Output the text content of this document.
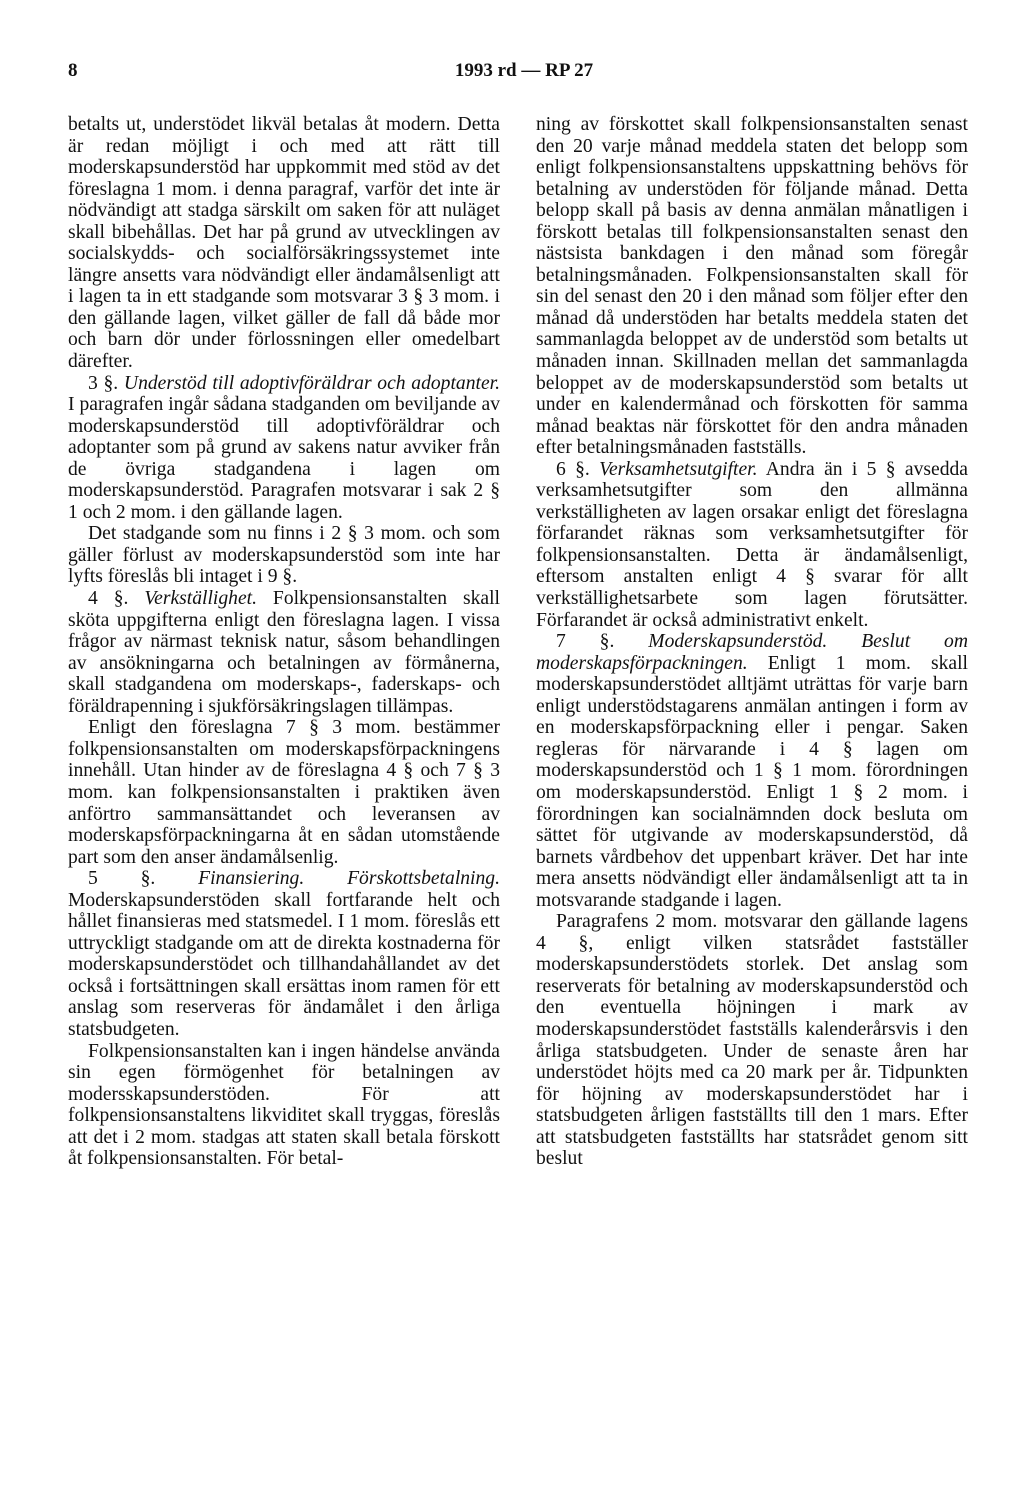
8	1993 rd — RP 27

betalts ut, understödet likväl betalas åt modern. Detta är redan möjligt i och med att rätt till moderskapsunderstöd har uppkommit med stöd av det föreslagna 1 mom. i denna paragraf, varför det inte är nödvändigt att stadga särskilt om saken för att nuläget skall bibehållas. Det har på grund av utvecklingen av socialskydds- och socialförsäkringssystemet inte längre ansetts vara nödvändigt eller ändamålsenligt att i lagen ta in ett stadgande som motsvarar 3 § 3 mom. i den gällande lagen, vilket gäller de fall då både mor och barn dör under förlossningen eller omedelbart därefter.

3 §. Understöd till adoptivföräldrar och adoptanter. I paragrafen ingår sådana stadganden om beviljande av moderskapsunderstöd till adoptivföräldrar och adoptanter som på grund av sakens natur avviker från de övriga stadgandena i lagen om moderskapsunderstöd. Paragrafen motsvarar i sak 2 § 1 och 2 mom. i den gällande lagen.

Det stadgande som nu finns i 2 § 3 mom. och som gäller förlust av moderskapsunderstöd som inte har lyfts föreslås bli intaget i 9 §.

4 §. Verkställighet. Folkpensionsanstalten skall sköta uppgifterna enligt den föreslagna lagen. I vissa frågor av närmast teknisk natur, såsom behandlingen av ansökningarna och betalningen av förmånerna, skall stadgandena om moderskaps-, faderskaps- och föräldrapenning i sjukförsäkringslagen tillämpas.

Enligt den föreslagna 7 § 3 mom. bestämmer folkpensionsanstalten om moderskapsförpackningens innehåll. Utan hinder av de föreslagna 4 § och 7 § 3 mom. kan folkpensionsanstalten i praktiken även anförtro sammansättandet och leveransen av moderskapsförpackningarna åt en sådan utomstående part som den anser ändamålsenlig.

5 §. Finansiering. Förskottsbetalning. Moderskapsunderstöden skall fortfarande helt och hållet finansieras med statsmedel. I 1 mom. föreslås ett uttryckligt stadgande om att de direkta kostnaderna för moderskapsunderstödet och tillhandahållandet av det också i fortsättningen skall ersättas inom ramen för ett anslag som reserveras för ändamålet i den årliga statsbudgeten.

Folkpensionsanstalten kan i ingen händelse använda sin egen förmögenhet för betalningen av modersskapsunderstöden. För att folkpensionsanstaltens likviditet skall tryggas, föreslås att det i 2 mom. stadgas att staten skall betala förskott åt folkpensionsanstalten. För betal-

ning av förskottet skall folkpensionsanstalten senast den 20 varje månad meddela staten det belopp som enligt folkpensionsanstaltens uppskattning behövs för betalning av understöden för följande månad. Detta belopp skall på basis av denna anmälan månatligen i förskott betalas till folkpensionsanstalten senast den nästsista bankdagen i den månad som föregår betalningsmånaden. Folkpensionsanstalten skall för sin del senast den 20 i den månad som följer efter den månad då understöden har betalts meddela staten det sammanlagda beloppet av de understöd som betalts ut månaden innan. Skillnaden mellan det sammanlagda beloppet av de moderskapsunderstöd som betalts ut under en kalendermånad och förskotten för samma månad beaktas när förskottet för den andra månaden efter betalningsmånaden fastställs.

6 §. Verksamhetsutgifter. Andra än i 5 § avsedda verksamhetsutgifter som den allmänna verkställigheten av lagen orsakar enligt det föreslagna förfarandet räknas som verksamhetsutgifter för folkpensionsanstalten. Detta är ändamålsenligt, eftersom anstalten enligt 4 § svarar för allt verkställighetsarbete som lagen förutsätter. Förfarandet är också administrativt enkelt.

7 §. Moderskapsunderstöd. Beslut om moderskapsförpackningen. Enligt 1 mom. skall moderskapsunderstödet alltjämt uträttas för varje barn enligt understödstagarens anmälan antingen i form av en moderskapsförpackning eller i pengar. Saken regleras för närvarande i 4 § lagen om moderskapsunderstöd och 1 § 1 mom. förordningen om moderskapsunderstöd. Enligt 1 § 2 mom. i förordningen kan socialnämnden dock besluta om sättet för utgivande av moderskapsunderstöd, då barnets vårdbehov det uppenbart kräver. Det har inte mera ansetts nödvändigt eller ändamålsenligt att ta in motsvarande stadgande i lagen.

Paragrafens 2 mom. motsvarar den gällande lagens 4 §, enligt vilken statsrådet fastställer moderskapsunderstödets storlek. Det anslag som reserverats för betalning av moderskapsunderstöd och den eventuella höjningen i mark av moderskapsunderstödet fastställs kalenderårsvis i den årliga statsbudgeten. Under de senaste åren har understödet höjts med ca 20 mark per år. Tidpunkten för höjning av moderskapsunderstödet har i statsbudgeten årligen fastställts till den 1 mars. Efter att statsbudgeten fastställts har statsrådet genom sitt beslut
